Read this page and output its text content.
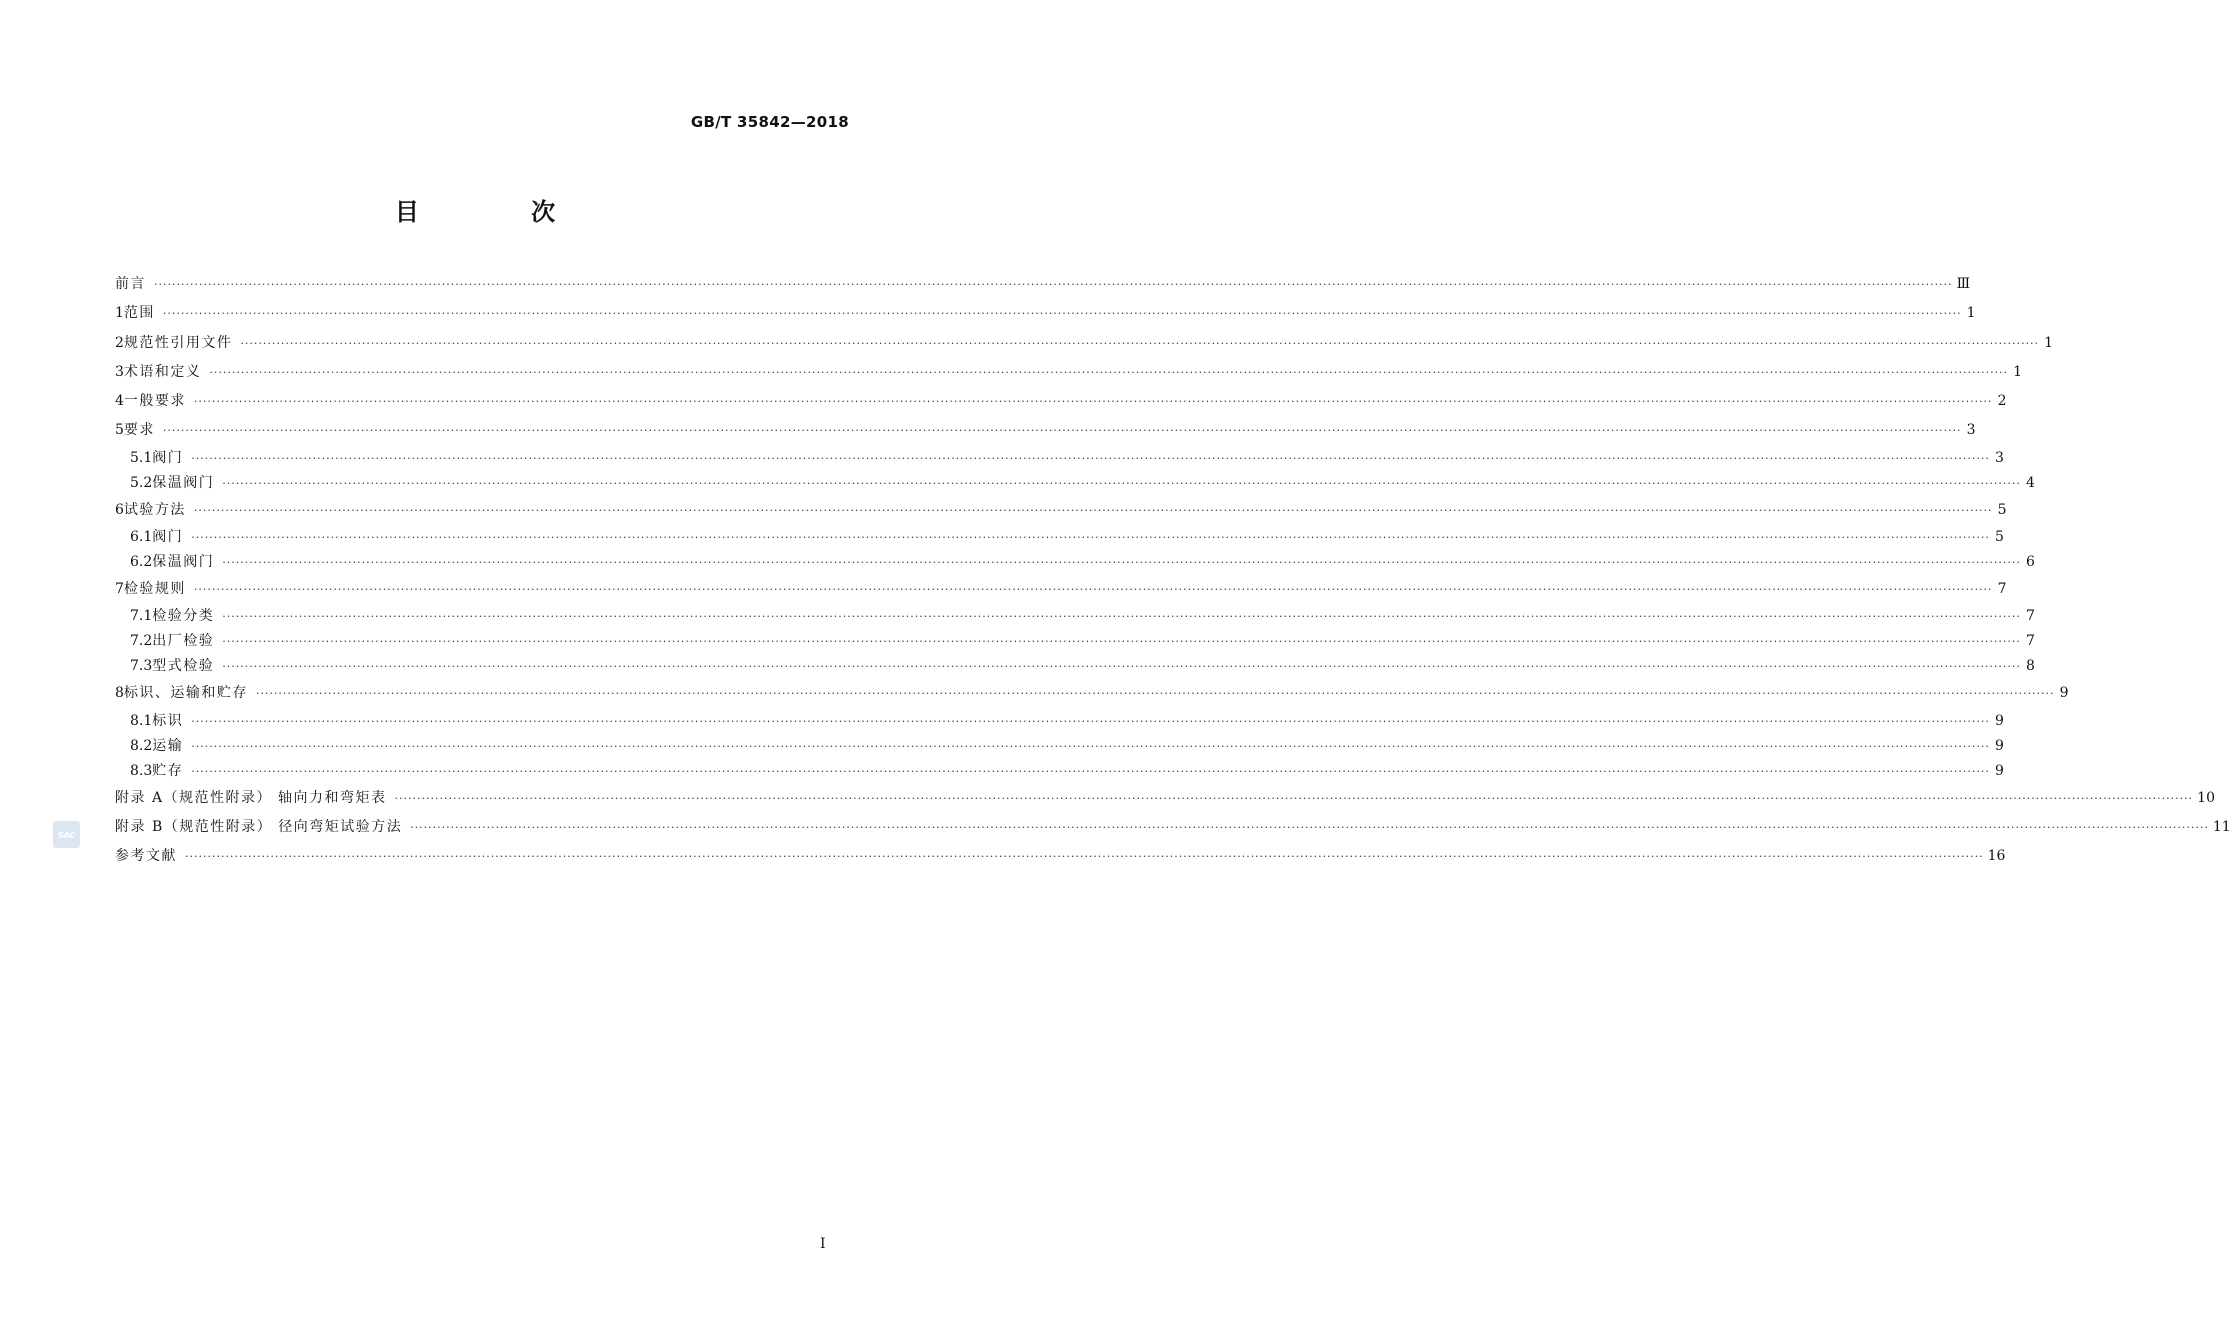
GB/T 35842—2018
目 次
前言 ················································································································································································································································································································································································································ Ⅲ
1 范围 ················································································································································································································································································································································································································ 1
2 规范性引用文件 ················································································································································································································································································································································································································ 1
3 术语和定义 ················································································································································································································································································································································································································ 1
4 一般要求 ················································································································································································································································································································································································································ 2
5 要求 ················································································································································································································································································································································································································ 3
5.1 阀门 ················································································································································································································································································································································································································ 3
5.2 保温阀门 ················································································································································································································································································································································································································ 4
6 试验方法 ················································································································································································································································································································································································································ 5
6.1 阀门 ················································································································································································································································································································································································································ 5
6.2 保温阀门 ················································································································································································································································································································································································································ 6
7 检验规则 ················································································································································································································································································································································································································ 7
7.1 检验分类 ················································································································································································································································································································································································································ 7
7.2 出厂检验 ················································································································································································································································································································································································································ 7
7.3 型式检验 ················································································································································································································································································································································································································ 8
8 标识、运输和贮存 ················································································································································································································································································································································································································ 9
8.1 标识 ················································································································································································································································································································································································································ 9
8.2 运输 ················································································································································································································································································································································································································ 9
8.3 贮存 ················································································································································································································································································································································································································ 9
附录 A（规范性附录） 轴向力和弯矩表 ················································································································································································································································································································································································································ 10
附录 B（规范性附录） 径向弯矩试验方法 ················································································································································································································································································································································································································ 11
参考文献 ················································································································································································································································································································································································································ 16
SAC
I
